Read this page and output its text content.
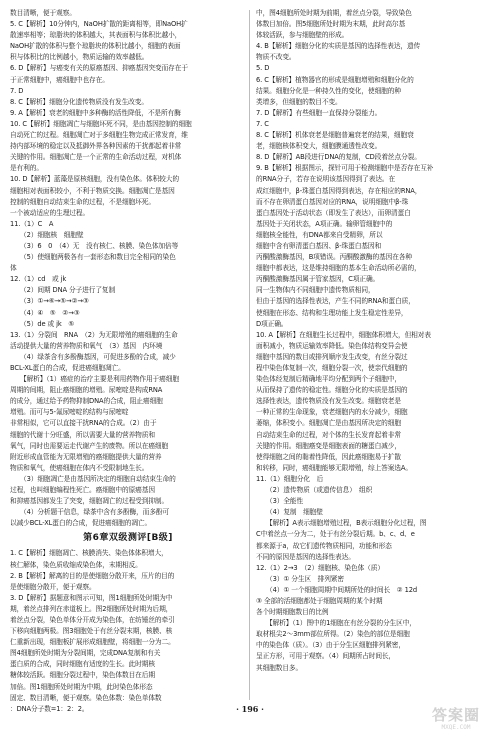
数目清晰，便于观察。
5. C【解析】10分钟内，NaOH扩散的距离相等，即NaOH扩
散速率相等；琼脂块的体积越大，其表面积与体积比越小，
NaOH扩散的体积与整个琼脂块的体积比越小，细胞的表面
积与体积比的比例越小，物质运输的效率越低。
6. D【解析】与癌变有关的原癌基因、抑癌基因突变而存在于
于正常细胞中，癌细胞中也存在。
7. D
8. C【解析】细胞分化遗传物质没有发生改变。
9. A【解析】衰老的细胞中多种酶的活性降低，不是所有酶
10. C【解析】细胞凋亡与细胞坏死不同，是由基因控制的细胞
自动死亡的过程。细胞凋亡对于多细胞生物完成正常发育，维
持内部环境的稳定以及抵御外界各种因素的干扰都起着非常
关键的作用。细胞凋亡是一个正常的生命活动过程，对机体
是有利的。
10. D【解析】蓝藻是原核细胞，没有染色体。体积较大的
细胞相对表面积较小，不利于物质交换。细胞凋亡是基因
控制的细胞自动结束生命的过程，不是细胞坏死。
一个被动适应的生理过程。
11.（1）C　A
（2）细胞核　细胞壁
（3）6　0　（4）无　没有核仁、核膜、染色体加倍等
（5）使细胞两极各有一套形态和数目完全相同的染色
体
12.（1）cd　或 jk
（2）间期 DNA 分子进行了复制
（3）①→⑥→⑤→②→③
（4）④　⑤　②→③
（5）de 或 jk　⑤
13.（1）分裂间　RNA　（2）为无限增殖的癌细胞的生命
活动提供大量的营养物质和氧气　（3）基因　内环境
（4）绿茶含有多酚酶基因，可促进多酚的合成，减少
BCL-XL蛋白的合成，促进癌细胞凋亡。
【解析】（1）癌症的治疗主要是利用药物作用于癌细胞
周期的间期，阻止癌细胞的增殖。尿嘧啶是构成RNA
的成分，通过给予药物抑制DNA的合成，阻止癌细胞
增殖。而可与5-氟尿嘧啶的结构与尿嘧啶
非常相似，它可以直接干扰RNA的合成。（2）由于
细胞的代谢十分旺盛，所以需要大量的营养物质和
氧气，同时也需要运走代谢产生的废物。所以在癌细胞
附近形成血管能为无限增殖的癌细胞提供大量的营养
物质和氧气，使癌细胞在体内不受限制地生长。
（3）细胞凋亡是由基因所决定的细胞自动结束生命的
过程，也叫细胞编程性死亡。癌细胞中的原癌基因
和抑癌基因都发生了突变，细胞凋亡的过程受到抑制。
（4）分析题干信息，绿茶中含有多酚酶，而多酚可
以减少BCL-XL蛋白的合成，促进癌细胞的凋亡。
第6章双级测评[B级]
1. C【解析】细胞凋亡、核膜消失、染色体体积增大，
核仁解体，染色质收缩成染色体，末期相反。
2. B【解析】解离的目的是使细胞分散开来，压片的目的
是使细胞分散开，便于观察。
3. D【解析】据题意和图示可知，图1细胞所处时期为中
期，着丝点排列在赤道板上。图2细胞所处时期为后期，
着丝点分裂，染色单体分开成为染色体，在纺锤丝的牵引
下移向细胞两极。图3细胞处于有丝分裂末期，核膜、核
仁重新出现，细胞板扩展形成细胞壁，将细胞一分为二。
图4细胞所处时期为分裂间期，完成DNA复制和有关
蛋白质的合成，同时细胞有适度的生长。此时期核
糖体较活跃。细胞分裂过程中，染色体数目在后期
加倍。图1细胞所处时期为中期，此时染色体形态
固定、数目清晰，便于观察。染色体数：染色单体数
：DNA分子数=1：2：2。
中，图4细胞所处时期为前期，着丝点分裂，导致染色
体数目加倍。图5细胞所处时期为末期，此时高尔基
体较活跃，参与细胞壁的形成。
4. B【解析】细胞分化的实质是基因的选择性表达，遗传
物质不改变。
5. D
6. C【解析】植物器官的形成是细胞增殖和细胞分化的
结果。细胞分化是一种持久性的变化，使细胞的种
类增多，但细胞的数目不变。
7. D【解析】有些细胞一直保持分裂能力。
7. C
8. C【解析】机体衰老是细胞普遍衰老的结果，细胞衰
老，细胞核体积变大，细胞膜通透性改变。
8. D【解析】AB段进行DNA的复制，CD段着丝点分裂。
9. B【解析】根据图示，探针可用于检测细胞中是否存在互补
的RNA分子，若存在说明该基因得到了表达。在
成红细胞中，β-珠蛋白基因得到表达，存在相应的RNA，
而不存在卵清蛋白基因对应的RNA，说明细胞中β-珠
蛋白基因处于活动状态（即发生了表达），而卵清蛋白
基因处于关闭状态，A项正确。输卵管细胞中的
细胞核全能性，有DNA都来自受精卵，所以
细胞中含有卵清蛋白基因、β-珠蛋白基因和
丙酮酸激酶基因，B项错误。丙酮酸激酶的基因在各种
细胞中都表达，这是维持细胞的基本生命活动所必需的，
丙酮酸激酶基因属于管家基因，C项正确。
同一生物体内不同细胞中遗传物质相同，
但由于基因的选择性表达，产生不同的RNA和蛋白质，
使细胞在形态、结构和生理功能上发生稳定性差异，
D项正确。
10. A【解析】在细胞生长过程中，细胞体积增大，但相对表
面积减小，物质运输效率降低。染色体结构变异会使
细胞中基因的数目或排列顺序发生改变，有丝分裂过
程中染色体复制一次，细胞分裂一次，使亲代细胞的
染色体经复制后精确地平均分配到两个子细胞中，
从而保持了遗传的稳定性。细胞分化的实质是基因的
选择性表达，遗传物质没有发生改变。细胞衰老是
一种正常的生命现象，衰老细胞内的水分减少，细胞
萎缩，体积变小。细胞凋亡是由基因所决定的细胞
自动结束生命的过程，对个体的生长发育起着非常
关键的作用。细胞癌变是细胞表面的糖蛋白减少，
使得细胞之间的黏着性降低，因此癌细胞易于扩散
和转移，同时，癌细胞能够无限增殖，综上答案选A。
11.（1）细胞分化　后
（2）遗传物质（或遗传信息）　组织
（3）全能性
（4）复制　细胞壁
【解析】A表示细胞增殖过程，B表示细胞分化过程，图
C中着丝点一分为二，处于有丝分裂后期。b、c、d、e
都来源于a，故它们遗传物质相同，功能和形态
不同的原因是基因的选择性表达。
12.（1）2→3　（2）细胞核、染色体（质）
（3）① 分生区　排列紧密
（4）① 一个细胞周期中间期所处的时间长　② 12d
③ 全部的活细胞都处于细胞周期的某个时期
各个时期细胞数目的比例
【解析】（1）图中的1细胞在有丝分裂的分生区中，
取材根尖2～3mm部位所得。（2）染色的部位是细胞
中的染色体（质）。（3）由于分生区细胞排列紧密，
呈正方形，可用于观察。（4）间期所占时间长，
其细胞数目多。
· 196 ·	答案圈
MXQE.COM
